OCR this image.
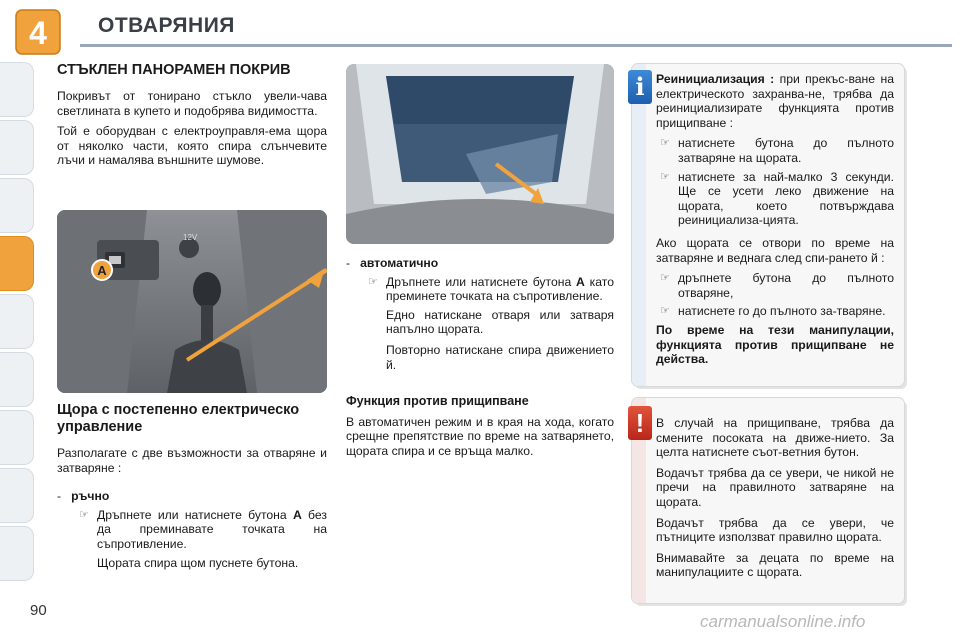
4 ОТВАРЯНИЯ
СТЪКЛЕН ПАНОРАМЕН ПОКРИВ

Покривът от тонирано стъкло увели-чава светлината в купето и подобрява видимостта.

Той е оборудван с електроуправля-ема щора от няколко части, която спира слънчевите лъчи и намалява външните шумове.

A
12V
Щора с постепенно електрическо управление

Разполагате с две възможности за отваряне и затваряне :

- ръчно
☞ Дръпнете или натиснете бутона A без да преминавате точката на съпротивление.

Щората спира щом пуснете бутона.

- автоматично
☞ Дръпнете или натиснете бутона A като преминете точката на съпротивление.

Едно натискане отваря или затваря напълно щората.

Повторно натискане спира движението й.

Функция против прищипване

В автоматичен режим и в края на хода, когато срещне препятствие по време на затварянето, щората спира и се връща малко.

i Реинициализация : при прекъс-ване на електрическото захранва-не, трябва да реинициализирате функцията против прищипване :

☞ натиснете бутона до пълното затваряне на щората.
☞ натиснете за най-малко 3 секунди. Ще се усети леко движение на щората, което потвърждава реинициализа-цията.

Ако щората се отвори по време на затваряне и веднага след спи-рането й :

☞ дръпнете бутона до пълното отваряне,
☞ натиснете го до пълното за-тваряне.

По време на тези манипулации, функцията против прищипване не действа.

! В случай на прищипване, трябва да смените посоката на движе-нието. За целта натиснете съот-ветния бутон.

Водачът трябва да се увери, че никой не пречи на правилното затваряне на щората.

Водачът трябва да се увери, че пътниците използват правилно щората.

Внимавайте за децата по време на манипулациите с щората.

90
carmanualsonline.info
